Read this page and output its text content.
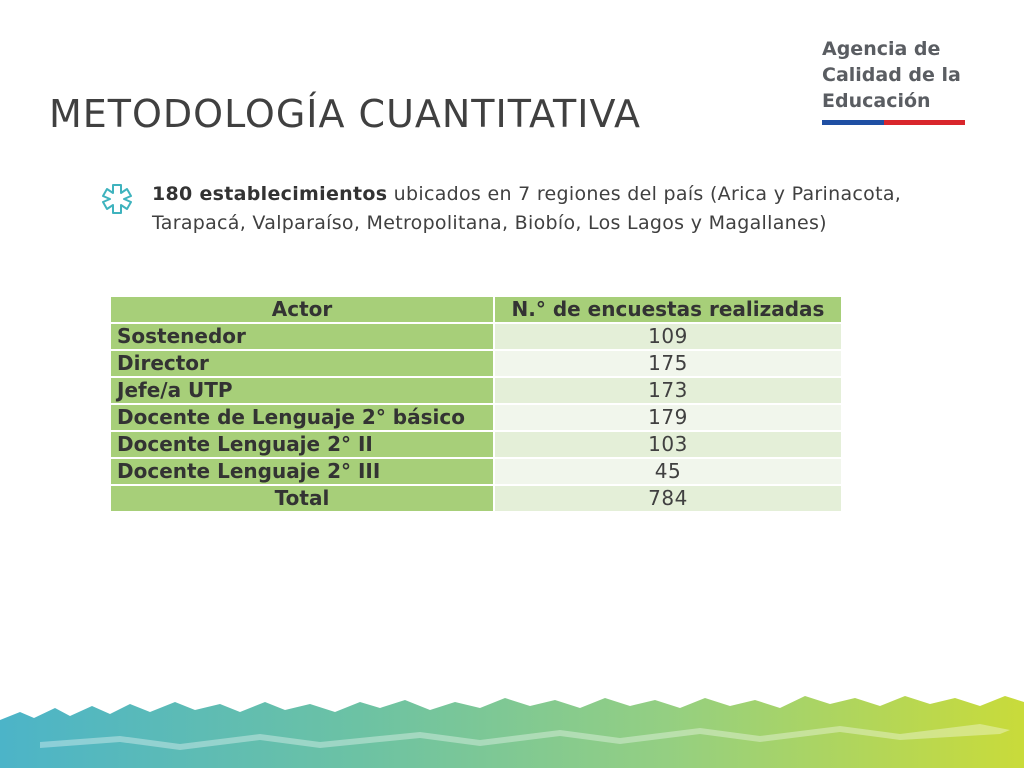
METODOLOGÍA CUANTITATIVA
Agencia de
Calidad de la
Educación
180 establecimientos ubicados en 7 regiones del país (Arica y Parinacota, Tarapacá, Valparaíso, Metropolitana, Biobío, Los Lagos y Magallanes)
Actor	N.° de encuestas realizadas
Sostenedor	109
Director	175
Jefe/a UTP	173
Docente de Lenguaje 2° básico	179
Docente Lenguaje 2° II	103
Docente Lenguaje 2° III	45
Total	784
